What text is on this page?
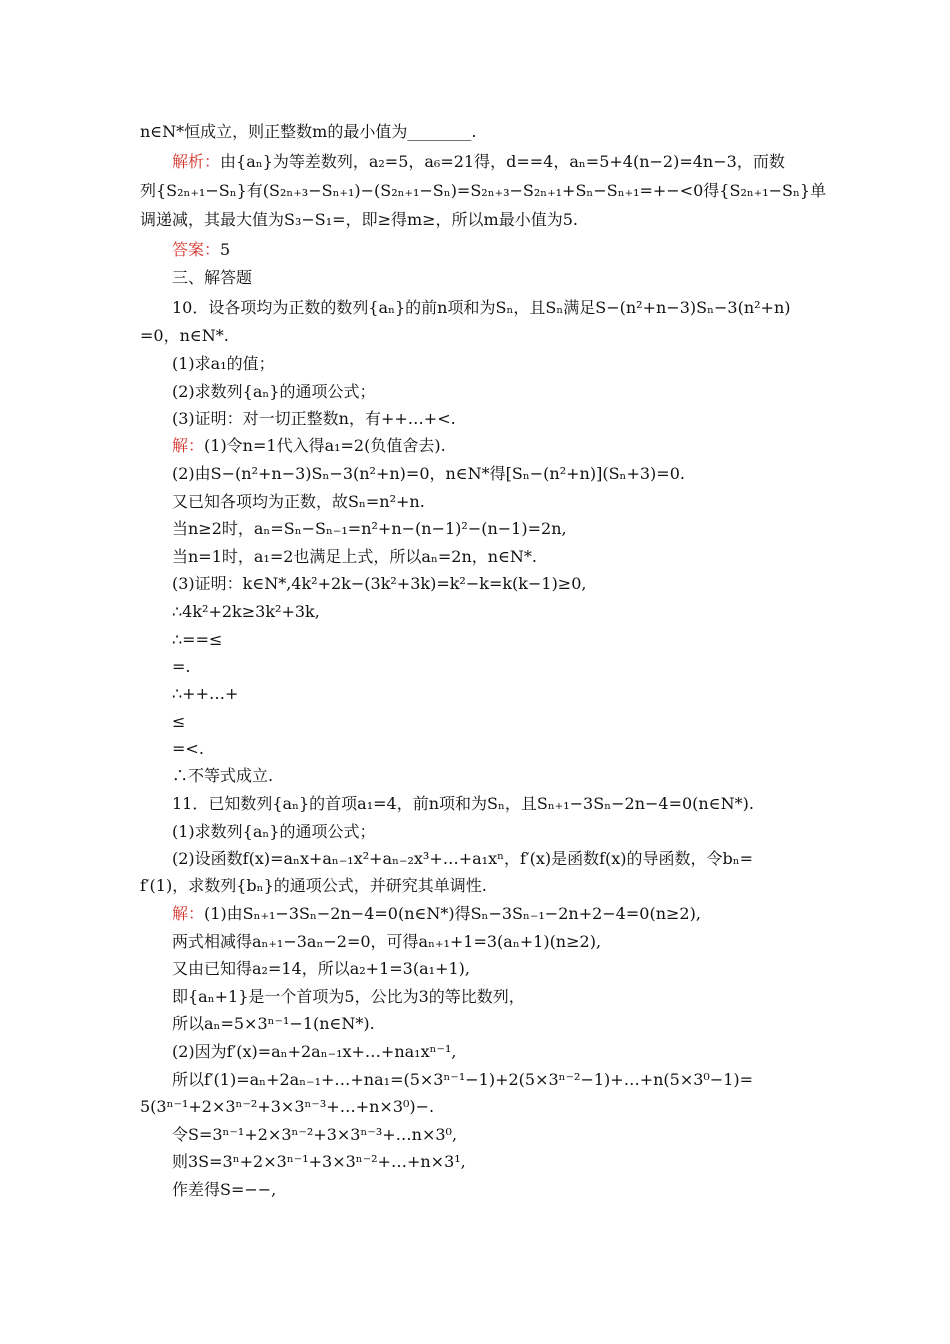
n∈N*恒成立，则正整数m的最小值为________.
解析：由{aₙ}为等差数列，a₂=5，a₆=21得，d==4，aₙ=5+4(n−2)=4n−3，而数
列{S₂ₙ₊₁−Sₙ}有(S₂ₙ₊₃−Sₙ₊₁)−(S₂ₙ₊₁−Sₙ)=S₂ₙ₊₃−S₂ₙ₊₁+Sₙ−Sₙ₊₁=+−<0得{S₂ₙ₊₁−Sₙ}单
调递减，其最大值为S₃−S₁=，即≥得m≥，所以m最小值为5.
答案：5
三、解答题
10．设各项均为正数的数列{aₙ}的前n项和为Sₙ，且Sₙ满足S−(n²+n−3)Sₙ−3(n²+n)
=0，n∈N*.
(1)求a₁的值；
(2)求数列{aₙ}的通项公式；
(3)证明：对一切正整数n，有++…+<.
解：(1)令n=1代入得a₁=2(负值舍去).
(2)由S−(n²+n−3)Sₙ−3(n²+n)=0，n∈N*得[Sₙ−(n²+n)](Sₙ+3)=0.
又已知各项均为正数，故Sₙ=n²+n.
当n≥2时，aₙ=Sₙ−Sₙ₋₁=n²+n−(n−1)²−(n−1)=2n,
当n=1时，a₁=2也满足上式，所以aₙ=2n，n∈N*.
(3)证明：k∈N*,4k²+2k−(3k²+3k)=k²−k=k(k−1)≥0,
∴4k²+2k≥3k²+3k,
∴==≤
=.
∴++…+
≤
=<.
∴不等式成立.
11．已知数列{aₙ}的首项a₁=4，前n项和为Sₙ，且Sₙ₊₁−3Sₙ−2n−4=0(n∈N*).
(1)求数列{aₙ}的通项公式；
(2)设函数f(x)=aₙx+aₙ₋₁x²+aₙ₋₂x³+…+a₁xⁿ，f′(x)是函数f(x)的导函数，令bₙ=
f′(1)，求数列{bₙ}的通项公式，并研究其单调性.
解：(1)由Sₙ₊₁−3Sₙ−2n−4=0(n∈N*)得Sₙ−3Sₙ₋₁−2n+2−4=0(n≥2),
两式相减得aₙ₊₁−3aₙ−2=0，可得aₙ₊₁+1=3(aₙ+1)(n≥2),
又由已知得a₂=14，所以a₂+1=3(a₁+1),
即{aₙ+1}是一个首项为5，公比为3的等比数列，
所以aₙ=5×3ⁿ⁻¹−1(n∈N*).
(2)因为f′(x)=aₙ+2aₙ₋₁x+…+na₁xⁿ⁻¹,
所以f′(1)=aₙ+2aₙ₋₁+…+na₁=(5×3ⁿ⁻¹−1)+2(5×3ⁿ⁻²−1)+…+n(5×3⁰−1)=
5(3ⁿ⁻¹+2×3ⁿ⁻²+3×3ⁿ⁻³+…+n×3⁰)−.
令S=3ⁿ⁻¹+2×3ⁿ⁻²+3×3ⁿ⁻³+…n×3⁰,
则3S=3ⁿ+2×3ⁿ⁻¹+3×3ⁿ⁻²+…+n×3¹,
作差得S=−−,
